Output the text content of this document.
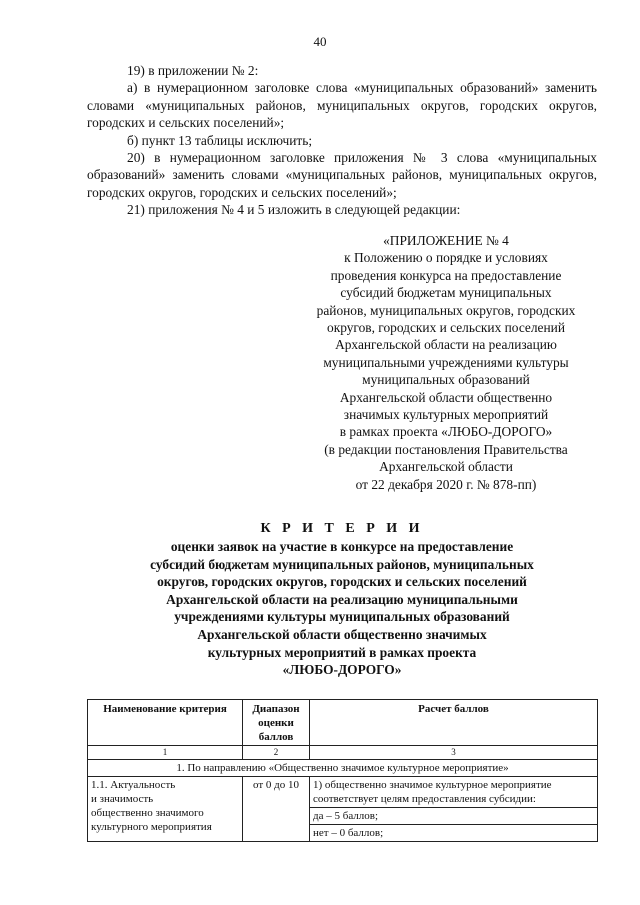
40

19) в приложении № 2:

а) в нумерационном заголовке слова «муниципальных образований» заменить словами «муниципальных районов, муниципальных округов, городских округов, городских и сельских поселений»;

б) пункт 13 таблицы исключить;

20) в нумерационном заголовке приложения № 3 слова «муниципальных образований» заменить словами «муниципальных районов, муниципальных округов, городских округов, городских и сельских поселений»;

21) приложения № 4 и 5 изложить в следующей редакции:

«ПРИЛОЖЕНИЕ № 4
к Положению о порядке и условиях
проведения конкурса на предоставление
субсидий бюджетам муниципальных
районов, муниципальных округов, городских
округов, городских и сельских поселений
Архангельской области на реализацию
муниципальными учреждениями культуры
муниципальных образований
Архангельской области общественно
значимых культурных мероприятий
в рамках проекта «ЛЮБО-ДОРОГО»
(в редакции постановления Правительства
Архангельской области
от 22 декабря 2020 г. № 878-пп)
К Р И Т Е Р И И
оценки заявок на участие в конкурсе на предоставление
субсидий бюджетам муниципальных районов, муниципальных
округов, городских округов, городских и сельских поселений
Архангельской области на реализацию муниципальными
учреждениями культуры муниципальных образований
Архангельской области общественно значимых
культурных мероприятий в рамках проекта
«ЛЮБО-ДОРОГО»
Наименование критерия	Диапазон оценки баллов	Расчет баллов
1	2	3
1. По направлению «Общественно значимое культурное мероприятие»		

1.1. Актуальность
и значимость
общественно значимого
культурного мероприятия	от 0 до 10	1) общественно значимое культурное мероприятие соответствует целям предоставления субсидии:
		да – 5 баллов;
		нет – 0 баллов;
